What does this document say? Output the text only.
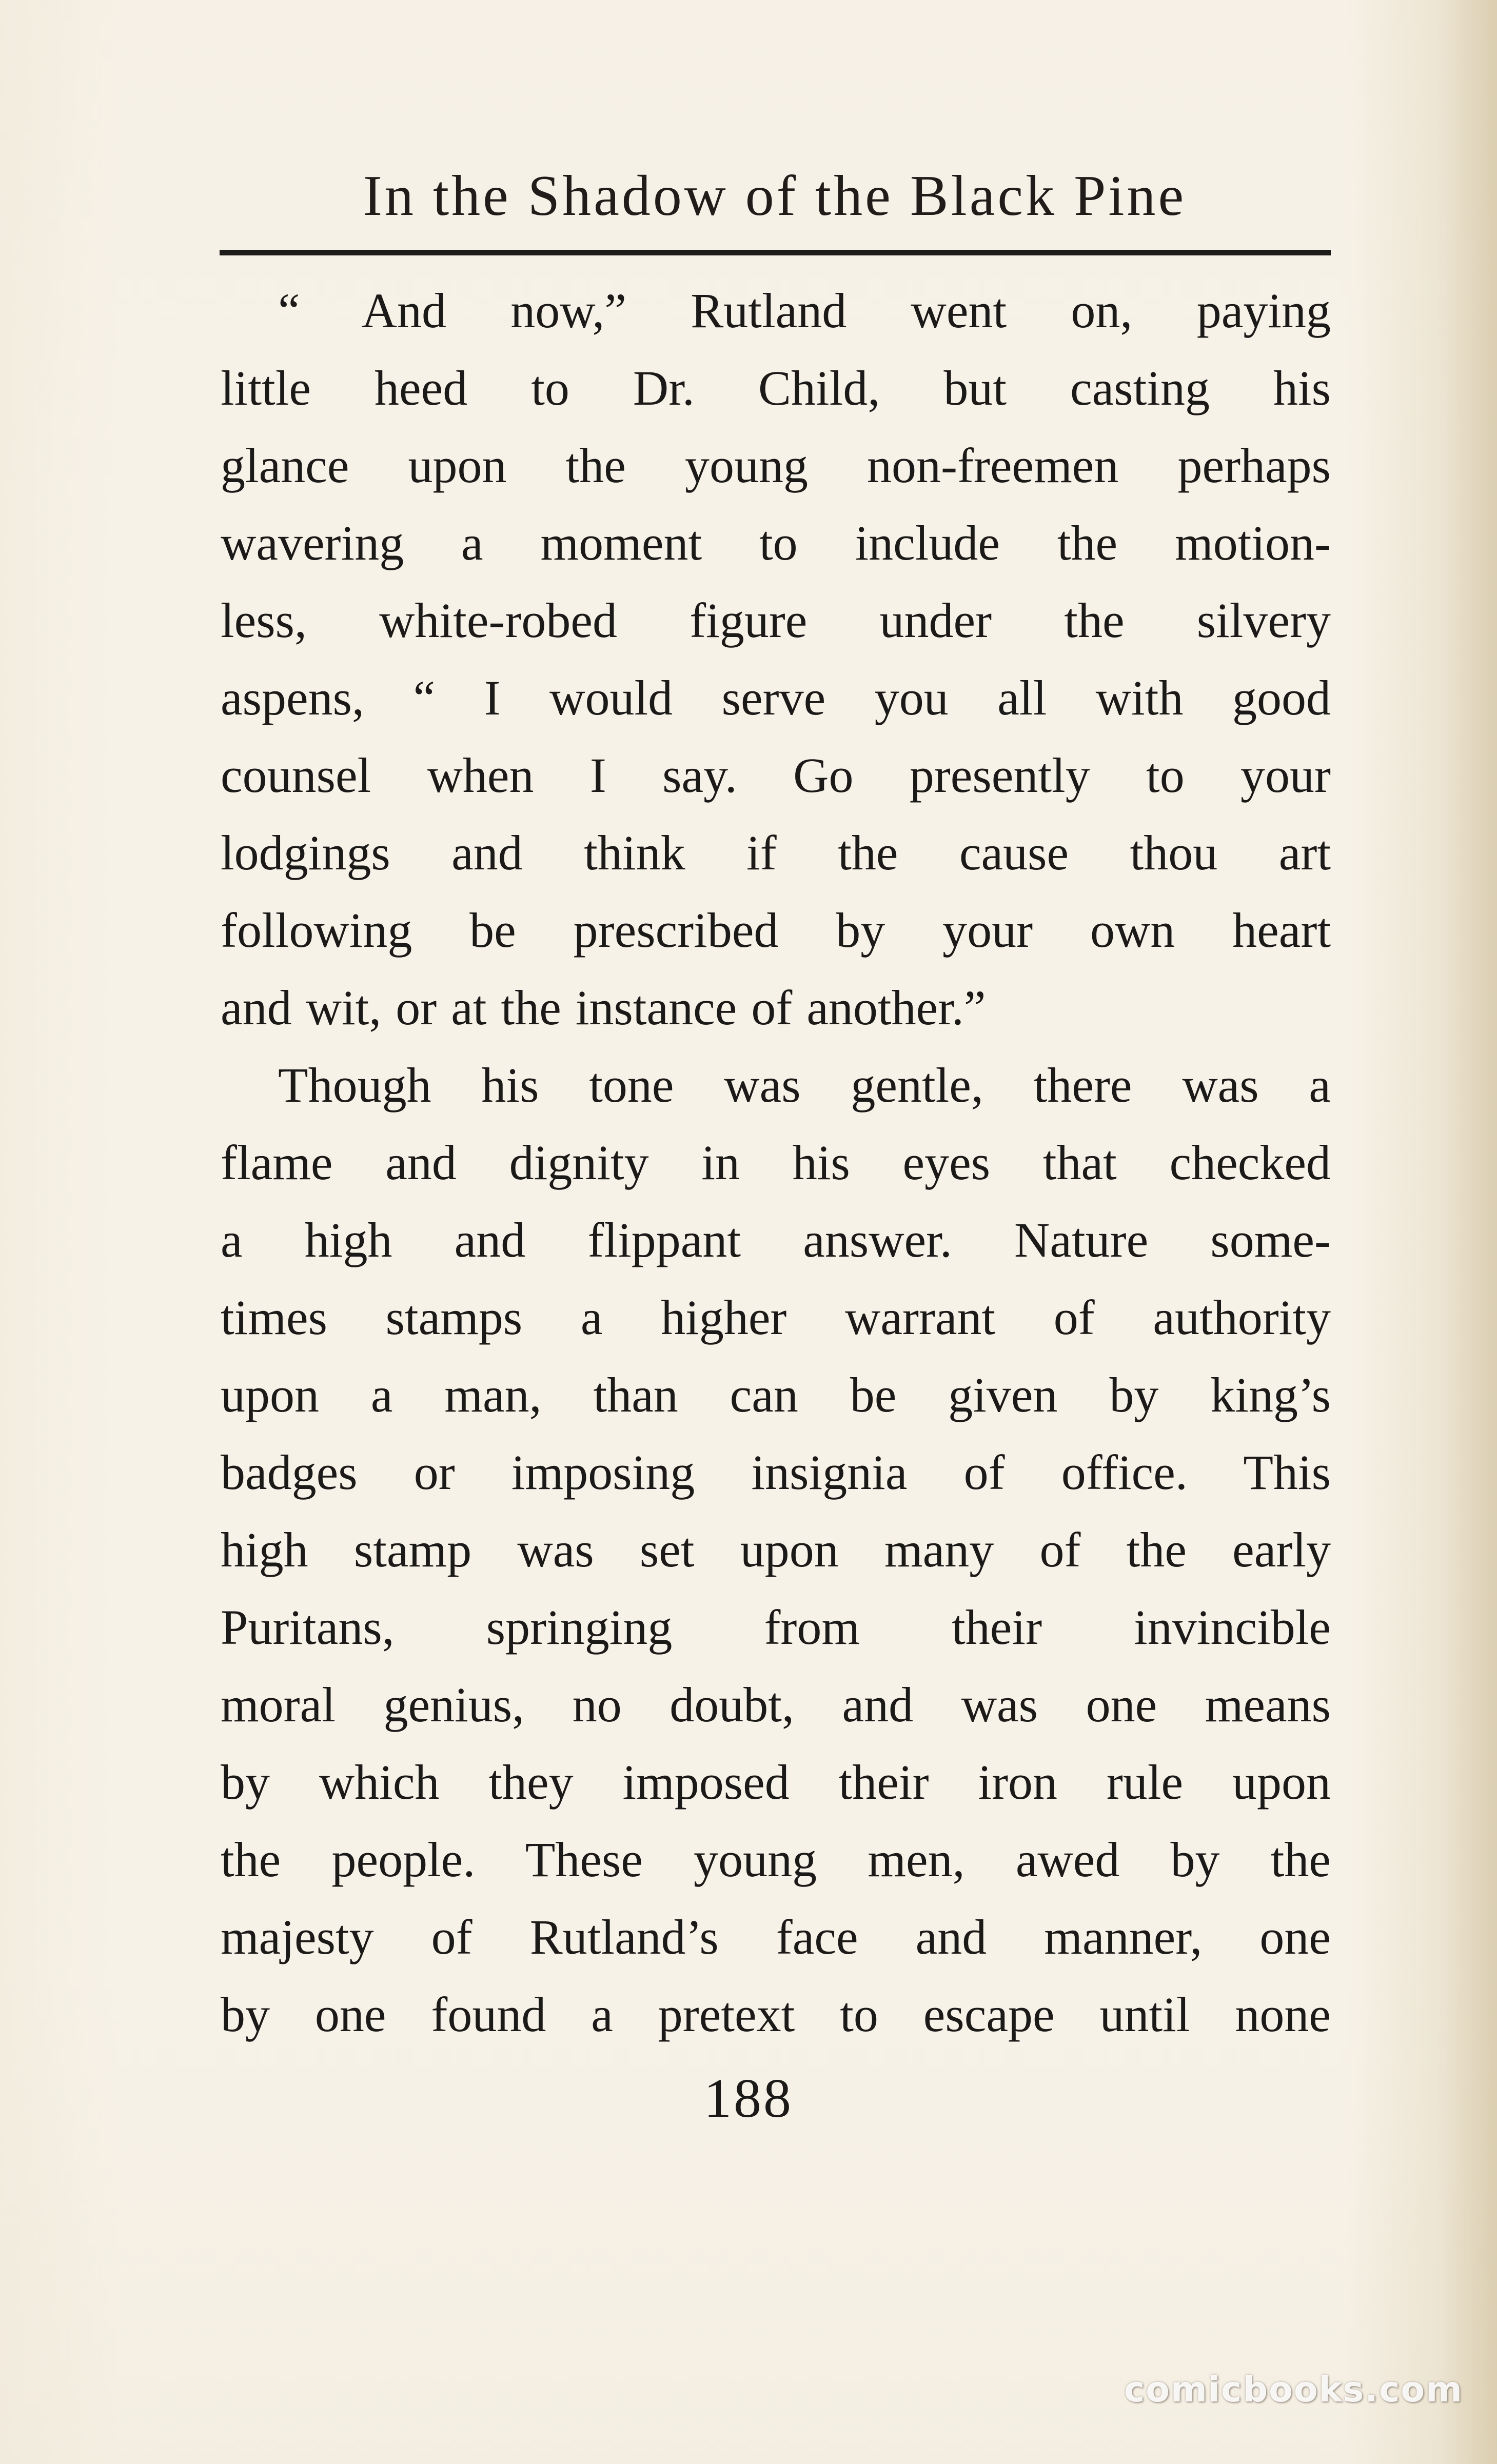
In the Shadow of the Black Pine
“ And now,” Rutland went on, paying
little heed to Dr. Child, but casting his
glance upon the young non-freemen perhaps
wavering a moment to include the motion-
less, white-robed figure under the silvery
aspens, “ I would serve you all with good
counsel when I say. Go presently to your
lodgings and think if the cause thou art
following be prescribed by your own heart
and wit, or at the instance of another.”
Though his tone was gentle, there was a
flame and dignity in his eyes that checked
a high and flippant answer. Nature some-
times stamps a higher warrant of authority
upon a man, than can be given by king’s
badges or imposing insignia of office. This
high stamp was set upon many of the early
Puritans, springing from their invincible
moral genius, no doubt, and was one means
by which they imposed their iron rule upon
the people. These young men, awed by the
majesty of Rutland’s face and manner, one
by one found a pretext to escape until none
188
comicbooks.com
